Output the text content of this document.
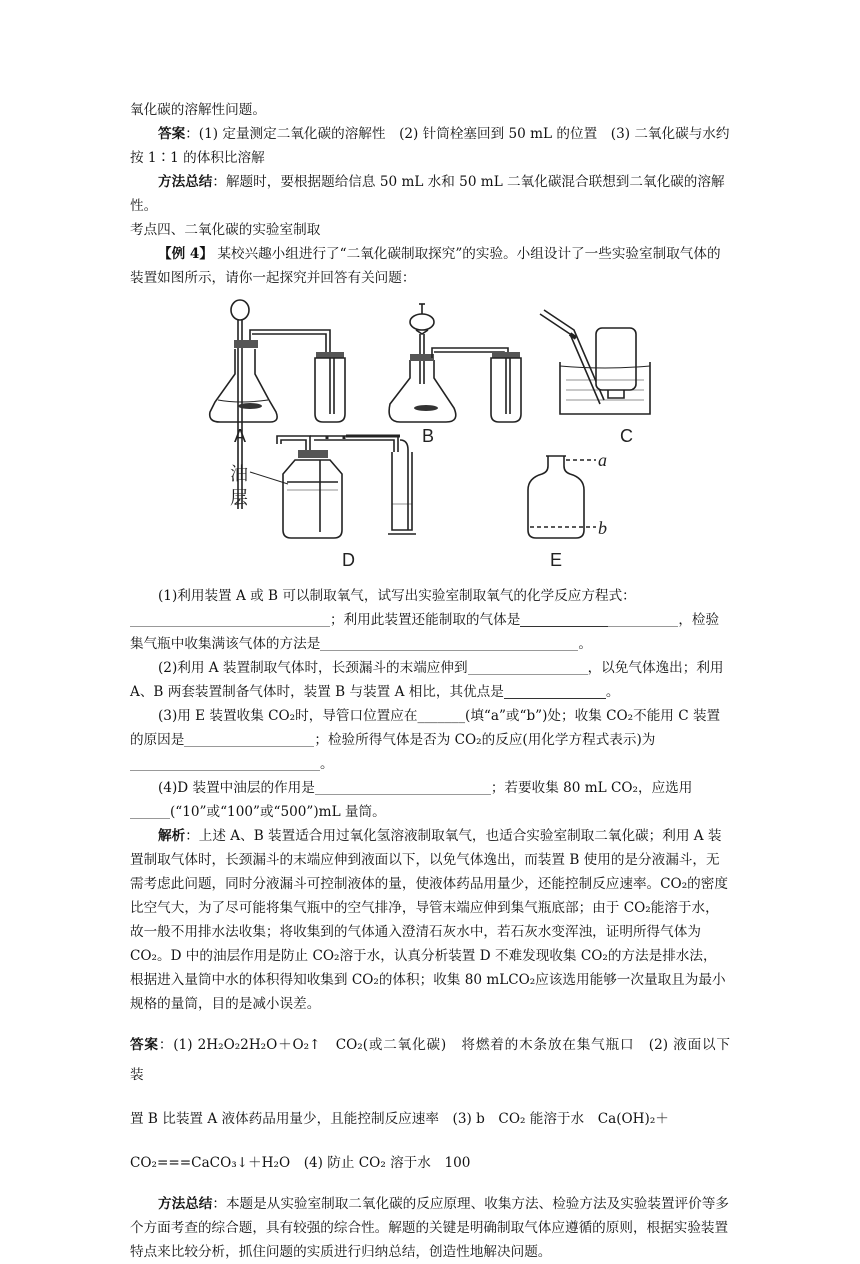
氧化碳的溶解性问题。

答案：(1) 定量测定二氧化碳的溶解性　(2) 针筒栓塞回到 50 mL 的位置　(3) 二氧化碳与水约按 1∶1 的体积比溶解

方法总结：解题时，要根据题给信息 50 mL 水和 50 mL 二氧化碳混合联想到二氧化碳的溶解性。

考点四、二氧化碳的实验室制取

【例 4】 某校兴趣小组进行了“二氧化碳制取探究”的实验。小组设计了一些实验室制取气体的装置如图所示，请你一起探究并回答有关问题：

A	B	C
D	E
a
b
油
层

(1)利用装置 A 或 B 可以制取氧气，试写出实验室制取氧气的化学反应方程式：；利用此装置还能制取的气体是	，检验集气瓶中收集满该气体的方法是	。

(2)利用 A 装置制取气体时，长颈漏斗的末端应伸到	，以免气体逸出；利用 A、B 两套装置制备气体时，装置 B 与装置 A 相比，其优点是	。

(3)用 E 装置收集 CO₂时，导管口位置应在_______(填“a”或“b”)处；收集 CO₂不能用 C 装置的原因是	；检验所得气体是否为 CO₂的反应(用化学方程式表示)为。

(4)D 装置中油层的作用是	；若要收集 80 mL CO₂，应选用(“10”或“100”或“500”)mL 量筒。

解析：上述 A、B 装置适合用过氧化氢溶液制取氧气，也适合实验室制取二氧化碳；利用 A 装置制取气体时，长颈漏斗的末端应伸到液面以下，以免气体逸出，而装置 B 使用的是分液漏斗，无需考虑此问题，同时分液漏斗可控制液体的量，使液体药品用量少，还能控制反应速率。CO₂的密度比空气大，为了尽可能将集气瓶中的空气排净，导管末端应伸到集气瓶底部；由于 CO₂能溶于水，故一般不用排水法收集；将收集到的气体通入澄清石灰水中，若石灰水变浑浊，证明所得气体为 CO₂。D 中的油层作用是防止 CO₂溶于水，认真分析装置 D 不难发现收集 CO₂的方法是排水法，根据进入量筒中水的体积得知收集到 CO₂的体积；收集 80 mLCO₂应该选用能够一次量取且为最小规格的量筒，目的是减小误差。

答案：(1) 2H₂O₂2H₂O＋O₂↑　CO₂(或二氧化碳)　将燃着的木条放在集气瓶口　(2) 液面以下　装
置 B 比装置 A 液体药品用量少，且能控制反应速率　(3) b　CO₂ 能溶于水　Ca(OH)₂＋
CO₂===CaCO₃↓＋H₂O　(4) 防止 CO₂ 溶于水　100

方法总结：本题是从实验室制取二氧化碳的反应原理、收集方法、检验方法及实验装置评价等多个方面考查的综合题，具有较强的综合性。解题的关键是明确制取气体应遵循的原则，根据实验装置特点来比较分析，抓住问题的实质进行归纳总结，创造性地解决问题。
